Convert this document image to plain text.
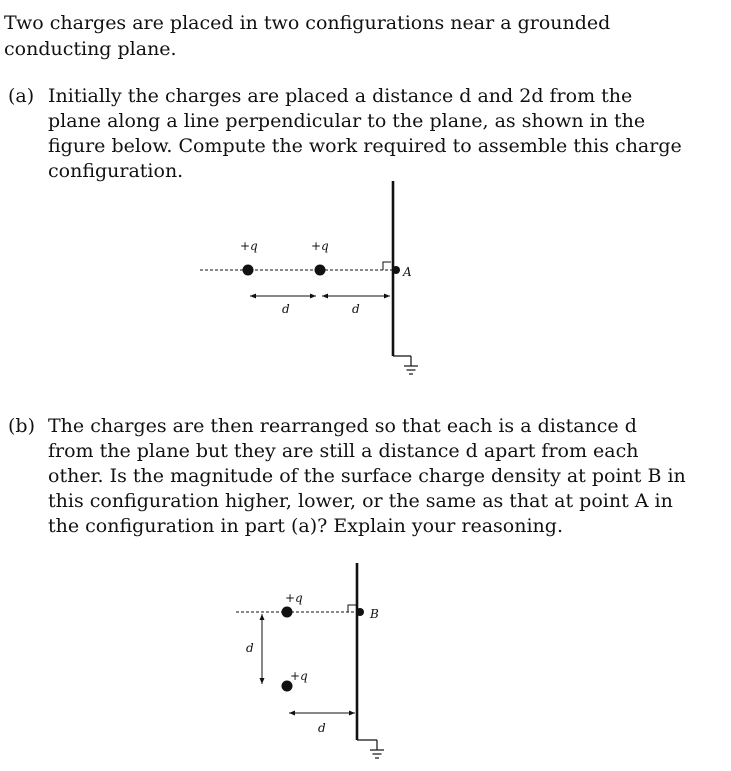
Two charges are placed in two configurations near a grounded conducting plane.

(a) Initially the charges are placed a distance d and 2d from the plane along a line perpendicular to the plane, as shown in the figure below. Compute the work required to assemble this charge configuration.
+q	+q
d	d
A
+q
+q
d
d
B
(b) The charges are then rearranged so that each is a distance d from the plane but they are still a distance d apart from each other. Is the magnitude of the surface charge density at point B in this configuration higher, lower, or the same as that at point A in the configuration in part (a)? Explain your reasoning.
